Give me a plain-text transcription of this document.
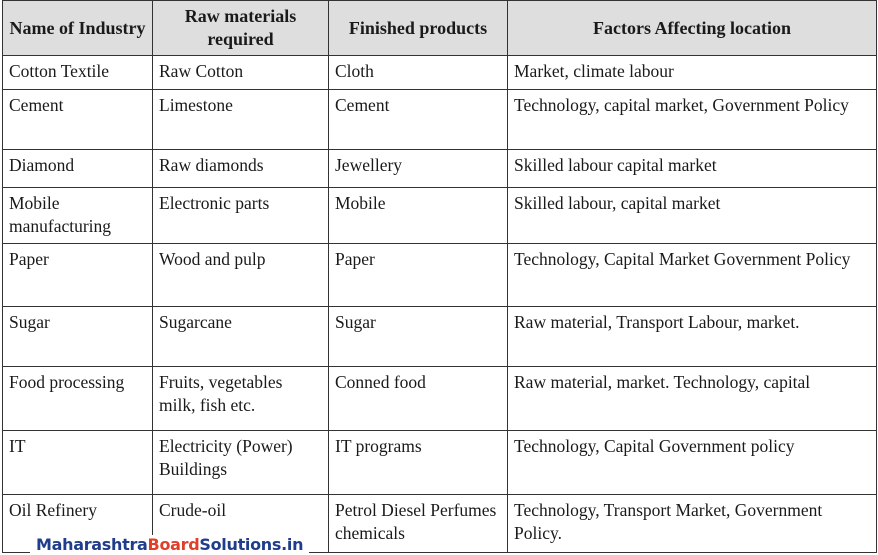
Name of Industry	Raw materials required	Finished products	Factors Affecting location
Cotton Textile	Raw Cotton	Cloth	Market, climate labour
Cement	Limestone	Cement	Technology, capital market, Government Policy
Diamond	Raw diamonds	Jewellery	Skilled labour capital market
Mobile manufacturing	Electronic parts	Mobile	Skilled labour, capital market
Paper	Wood and pulp	Paper	Technology, Capital Market Government Policy
Sugar	Sugarcane	Sugar	Raw material, Transport Labour, market.
Food processing	Fruits, vegetables milk, fish etc.	Conned food	Raw material, market. Technology, capital
IT	Electricity (Power) Buildings	IT programs	Technology, Capital Government policy
Oil Refinery	Crude-oil	Petrol Diesel Perfumes chemicals	Technology, Transport Market, Government Policy.
MaharashtraBoardSolutions.in
